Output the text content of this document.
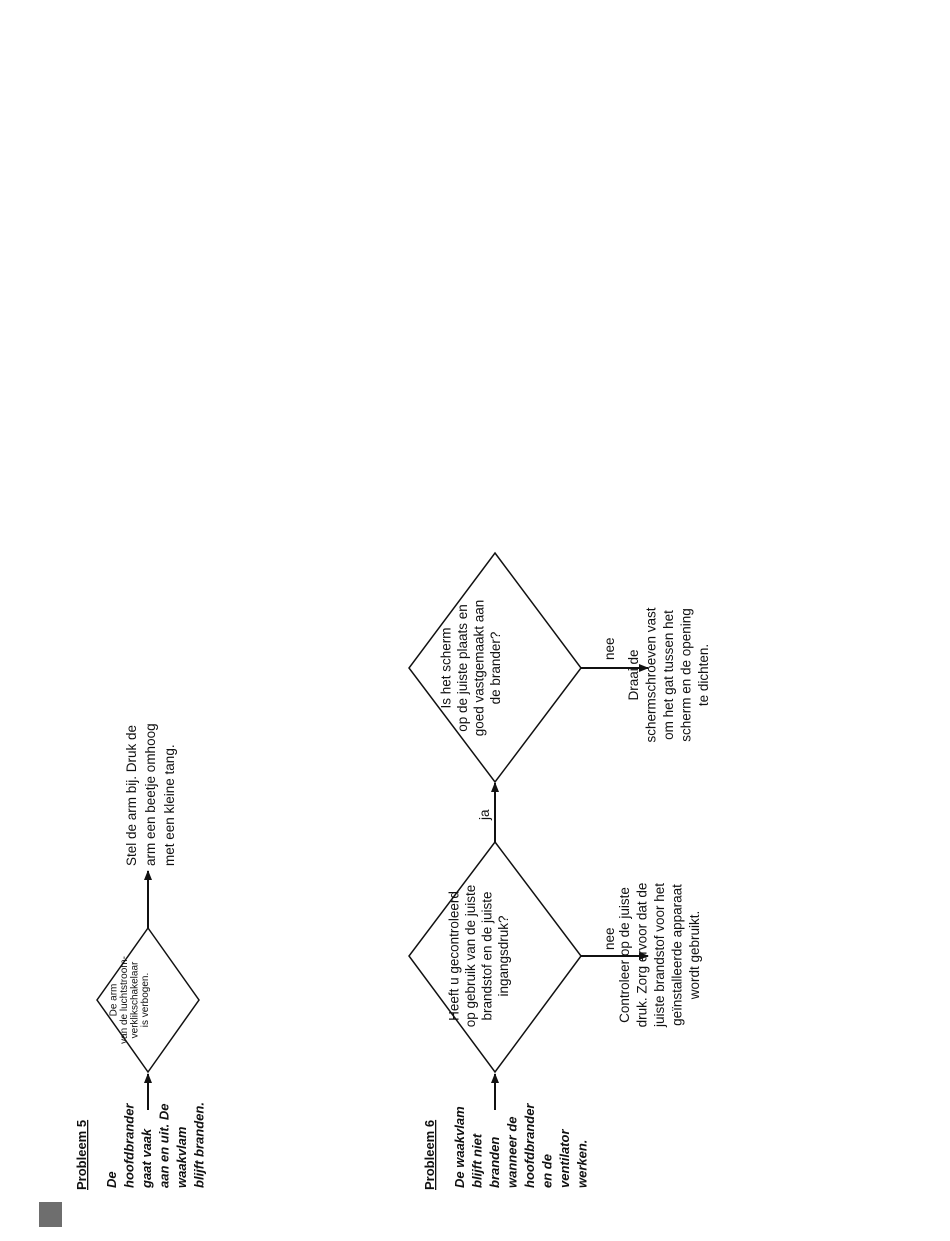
Probleem 5 De hoofdbrander gaat vaak aan en uit. De waakvlam blijft branden.
De armvan de luchtstroom-verklikschakelaaris verbogen.
Stel de arm bij. Druk de arm een beetje omhoog met een kleine tang.
Probleem 6 De waakvlam blijft niet branden wanneer de hoofdbrander en de ventilator werken.
Heeft u gecontroleerd op gebruik van de juiste brandstof en de juiste ingangsdruk?	nee Controleer op de juiste druk. Zorg ervoor dat de juiste brandstof voor het geïnstalleerde apparaat wordt gebruikt.
ja
Is het scherm op de juiste plaats en goed vastgemaakt aan de brander?	nee
Draai de schermschroeven vast om het gat tussen het scherm en de opening te dichten.
